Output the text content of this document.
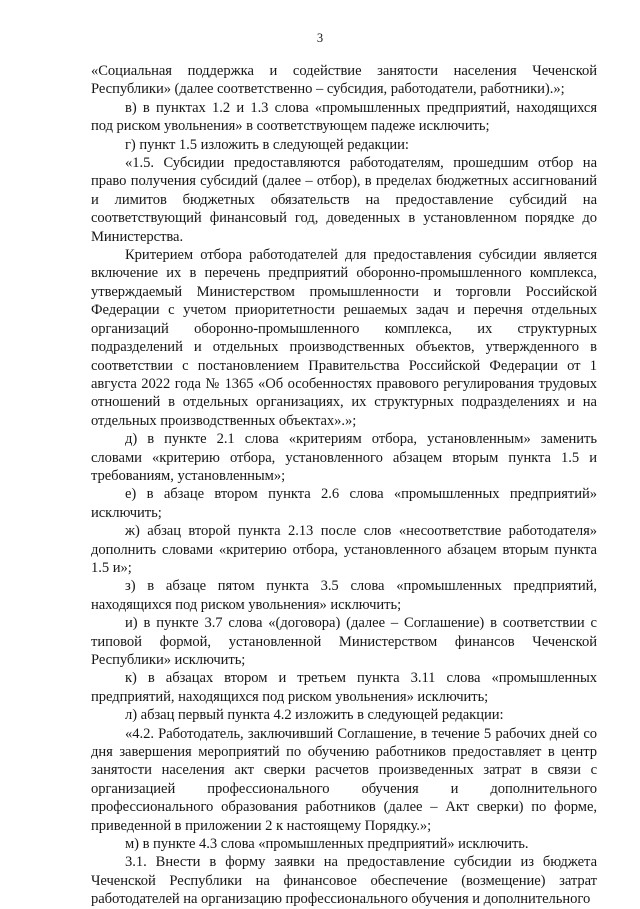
3

«Социальная поддержка и содействие занятости населения Чеченской Республики» (далее соответственно – субсидия, работодатели, работники).»;

в) в пунктах 1.2 и 1.3 слова «промышленных предприятий, находящихся под риском увольнения» в соответствующем падеже исключить;

г) пункт 1.5 изложить в следующей редакции:

«1.5. Субсидии предоставляются работодателям, прошедшим отбор на право получения субсидий (далее – отбор), в пределах бюджетных ассигнований и лимитов бюджетных обязательств на предоставление субсидий на соответствующий финансовый год, доведенных в установленном порядке до Министерства.

Критерием отбора работодателей для предоставления субсидии является включение их в перечень предприятий оборонно-промышленного комплекса, утверждаемый Министерством промышленности и торговли Российской Федерации с учетом приоритетности решаемых задач и перечня отдельных организаций оборонно-промышленного комплекса, их структурных подразделений и отдельных производственных объектов, утвержденного в соответствии с постановлением Правительства Российской Федерации от 1 августа 2022 года № 1365 «Об особенностях правового регулирования трудовых отношений в отдельных организациях, их структурных подразделениях и на отдельных производственных объектах».»;

д) в пункте 2.1 слова «критериям отбора, установленным» заменить словами «критерию отбора, установленного абзацем вторым пункта 1.5 и требованиям, установленным»;

е) в абзаце втором пункта 2.6 слова «промышленных предприятий» исключить;

ж) абзац второй пункта 2.13 после слов «несоответствие работодателя» дополнить словами «критерию отбора, установленного абзацем вторым пункта 1.5 и»;

з) в абзаце пятом пункта 3.5 слова «промышленных предприятий, находящихся под риском увольнения» исключить;

и) в пункте 3.7 слова «(договора) (далее – Соглашение) в соответствии с типовой формой, установленной Министерством финансов Чеченской Республики» исключить;

к) в абзацах втором и третьем пункта 3.11 слова «промышленных предприятий, находящихся под риском увольнения» исключить;

л) абзац первый пункта 4.2 изложить в следующей редакции:

«4.2. Работодатель, заключивший Соглашение, в течение 5 рабочих дней со дня завершения мероприятий по обучению работников предоставляет в центр занятости населения акт сверки расчетов произведенных затрат в связи с организацией профессионального обучения и дополнительного профессионального образования работников (далее – Акт сверки) по форме, приведенной в приложении 2 к настоящему Порядку.»;

м) в пункте 4.3 слова «промышленных предприятий» исключить.

3.1. Внести в форму заявки на предоставление субсидии из бюджета Чеченской Республики на финансовое обеспечение (возмещение) затрат работодателей на организацию профессионального обучения и дополнительного
